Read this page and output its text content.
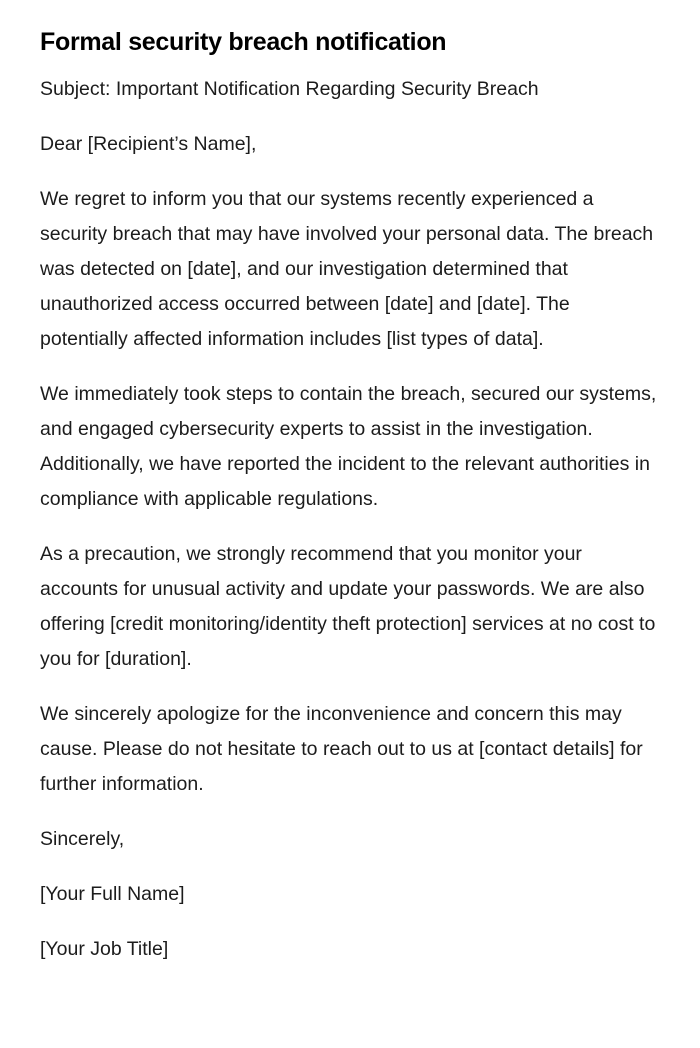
Formal security breach notification

Subject: Important Notification Regarding Security Breach

Dear [Recipient’s Name],

We regret to inform you that our systems recently experienced a security breach that may have involved your personal data. The breach was detected on [date], and our investigation determined that unauthorized access occurred between [date] and [date]. The potentially affected information includes [list types of data].

We immediately took steps to contain the breach, secured our systems, and engaged cybersecurity experts to assist in the investigation. Additionally, we have reported the incident to the relevant authorities in compliance with applicable regulations.

As a precaution, we strongly recommend that you monitor your accounts for unusual activity and update your passwords. We are also offering [credit monitoring/identity theft protection] services at no cost to you for [duration].

We sincerely apologize for the inconvenience and concern this may cause. Please do not hesitate to reach out to us at [contact details] for further information.

Sincerely,

[Your Full Name]

[Your Job Title]
